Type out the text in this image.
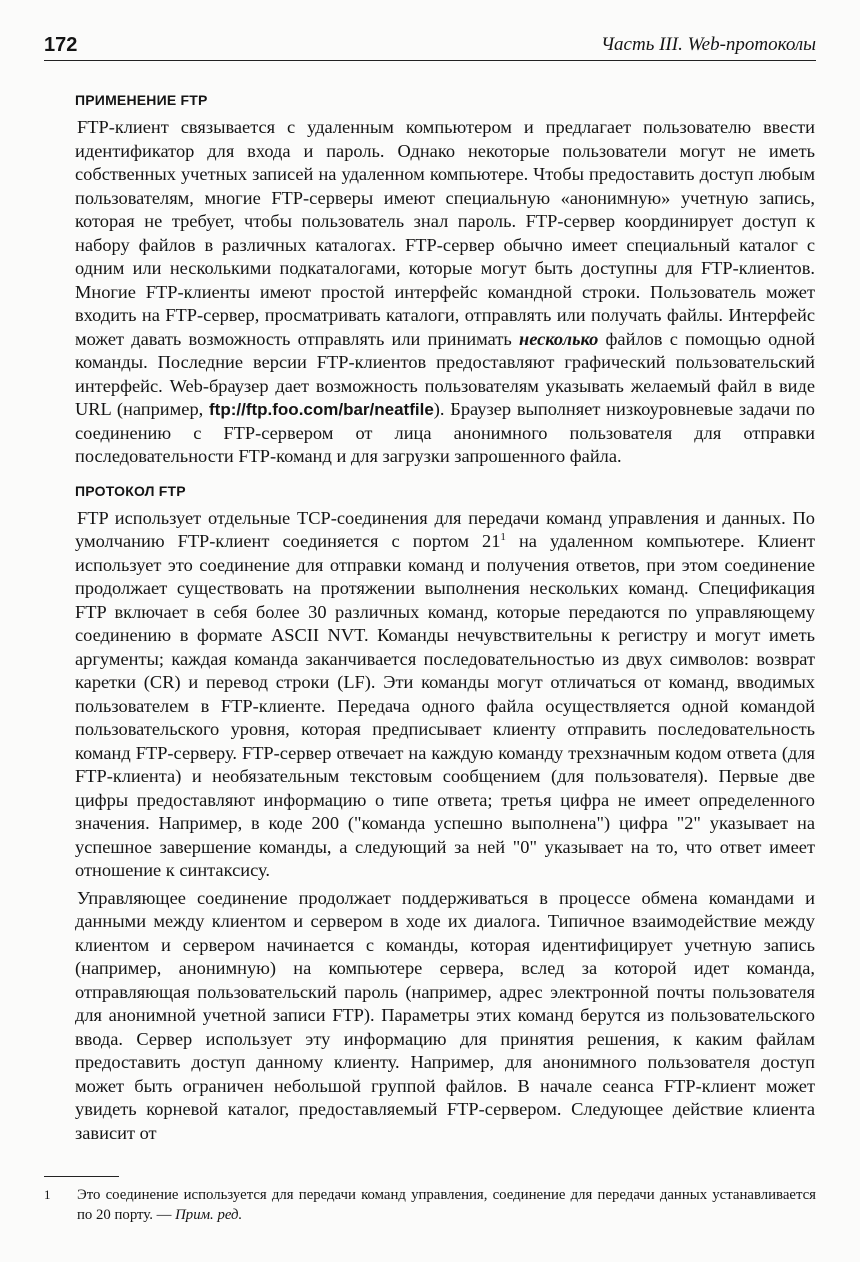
172	Часть III. Web-протоколы
ПРИМЕНЕНИЕ FTP

FTP-клиент связывается с удаленным компьютером и предлагает пользователю ввести идентификатор для входа и пароль. Однако некоторые пользователи могут не иметь собственных учетных записей на удаленном компьютере. Чтобы предоставить доступ любым пользователям, многие FTP-серверы имеют специальную «анонимную» учетную запись, которая не требует, чтобы пользователь знал пароль. FTP-сервер координирует доступ к набору файлов в различных каталогах. FTP-сервер обычно имеет специальный каталог с одним или несколькими подкаталогами, которые могут быть доступны для FTP-клиентов. Многие FTP-клиенты имеют простой интерфейс командной строки. Пользователь может входить на FTP-сервер, просматривать каталоги, отправлять или получать файлы. Интерфейс может давать возможность отправлять или принимать несколько файлов с помощью одной команды. Последние версии FTP-клиентов предоставляют графический пользовательский интерфейс. Web-браузер дает возможность пользователям указывать желаемый файл в виде URL (например, ftp://ftp.foo.com/bar/neatfile). Браузер выполняет низкоуровневые задачи по соединению с FTP-сервером от лица анонимного пользователя для отправки последовательности FTP-команд и для загрузки запрошенного файла.

ПРОТОКОЛ FTP

FTP использует отдельные TCP-соединения для передачи команд управления и данных. По умолчанию FTP-клиент соединяется с портом $21^1$ на удаленном компьютере. Клиент использует это соединение для отправки команд и получения ответов, при этом соединение продолжает существовать на протяжении выполнения нескольких команд. Спецификация FTP включает в себя более 30 различных команд, которые передаются по управляющему соединению в формате ASCII NVT. Команды нечувствительны к регистру и могут иметь аргументы; каждая команда заканчивается последовательностью из двух символов: возврат каретки (CR) и перевод строки (LF). Эти команды могут отличаться от команд, вводимых пользователем в FTP-клиенте. Передача одного файла осуществляется одной командой пользовательского уровня, которая предписывает клиенту отправить последовательность команд FTP-серверу. FTP-сервер отвечает на каждую команду трехзначным кодом ответа (для FTP-клиента) и необязательным текстовым сообщением (для пользователя). Первые две цифры предоставляют информацию о типе ответа; третья цифра не имеет определенного значения. Например, в коде 200 ("команда успешно выполнена") цифра "2" указывает на успешное завершение команды, а следующий за ней "0" указывает на то, что ответ имеет отношение к синтаксису.

Управляющее соединение продолжает поддерживаться в процессе обмена командами и данными между клиентом и сервером в ходе их диалога. Типичное взаимодействие между клиентом и сервером начинается с команды, которая идентифицирует учетную запись (например, анонимную) на компьютере сервера, вслед за которой идет команда, отправляющая пользовательский пароль (например, адрес электронной почты пользователя для анонимной учетной записи FTP). Параметры этих команд берутся из пользовательского ввода. Сервер использует эту информацию для принятия решения, к каким файлам предоставить доступ данному клиенту. Например, для анонимного пользователя доступ может быть ограничен небольшой группой файлов. В начале сеанса FTP-клиент может увидеть корневой каталог, предоставляемый FTP-сервером. Следующее действие клиента зависит от

1 Это соединение используется для передачи команд управления, соединение для передачи данных устанавливается по 20 порту. — Прим. ред.
